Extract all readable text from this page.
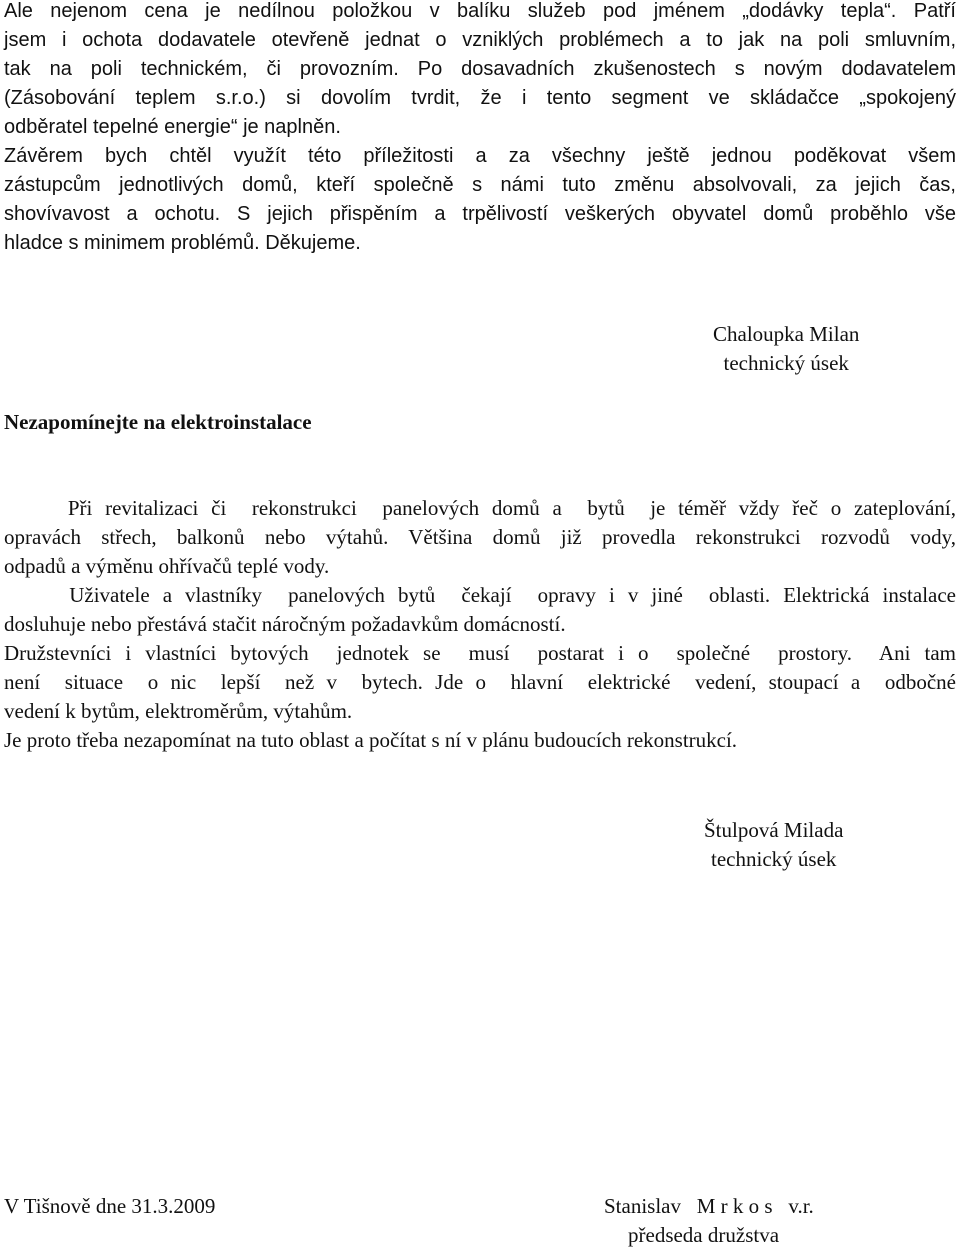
Ale nejenom cena je nedílnou položkou v balíku služeb pod jménem „dodávky tepla“. Patří
jsem i ochota dodavatele otevřeně jednat o vzniklých problémech a to jak na poli smluvním,
tak na poli technickém, či provozním. Po dosavadních zkušenostech s novým dodavatelem
(Zásobování teplem s.r.o.) si dovolím tvrdit, že i tento segment ve skládačce „spokojený
odběratel tepelné energie“ je naplněn.
Závěrem bych chtěl využít této příležitosti a za všechny ještě jednou poděkovat všem
zástupcům jednotlivých domů, kteří společně s námi tuto změnu absolvovali, za jejich čas,
shovívavost a ochotu. S jejich přispěním a trpělivostí veškerých obyvatel domů proběhlo vše
hladce s minimem problémů. Děkujeme.
Chaloupka Milan
technický úsek
Nezapomínejte na elektroinstalace
Při revitalizaci či  rekonstrukci  panelových domů a  bytů  je téměř vždy řeč o zateplování,
opravách střech, balkonů nebo výtahů. Většina domů již provedla rekonstrukci rozvodů vody,
odpadů a výměnu ohřívačů teplé vody.
Uživatele a vlastníky  panelových bytů  čekají  opravy i v jiné  oblasti. Elektrická instalace
dosluhuje nebo přestává stačit náročným požadavkům domácností.
Družstevníci i vlastníci bytových  jednotek se  musí  postarat i o  společné  prostory.  Ani tam
není  situace  o nic  lepší  než v  bytech. Jde o  hlavní  elektrické  vedení, stoupací a  odbočné
vedení k bytům, elektroměrům, výtahům.
Je proto třeba nezapomínat na tuto oblast a počítat s ní v plánu budoucích rekonstrukcí.
Štulpová Milada
technický úsek
V Tišnově dne 31.3.2009	Stanislav   M r k o s   v.r.
předseda družstva
